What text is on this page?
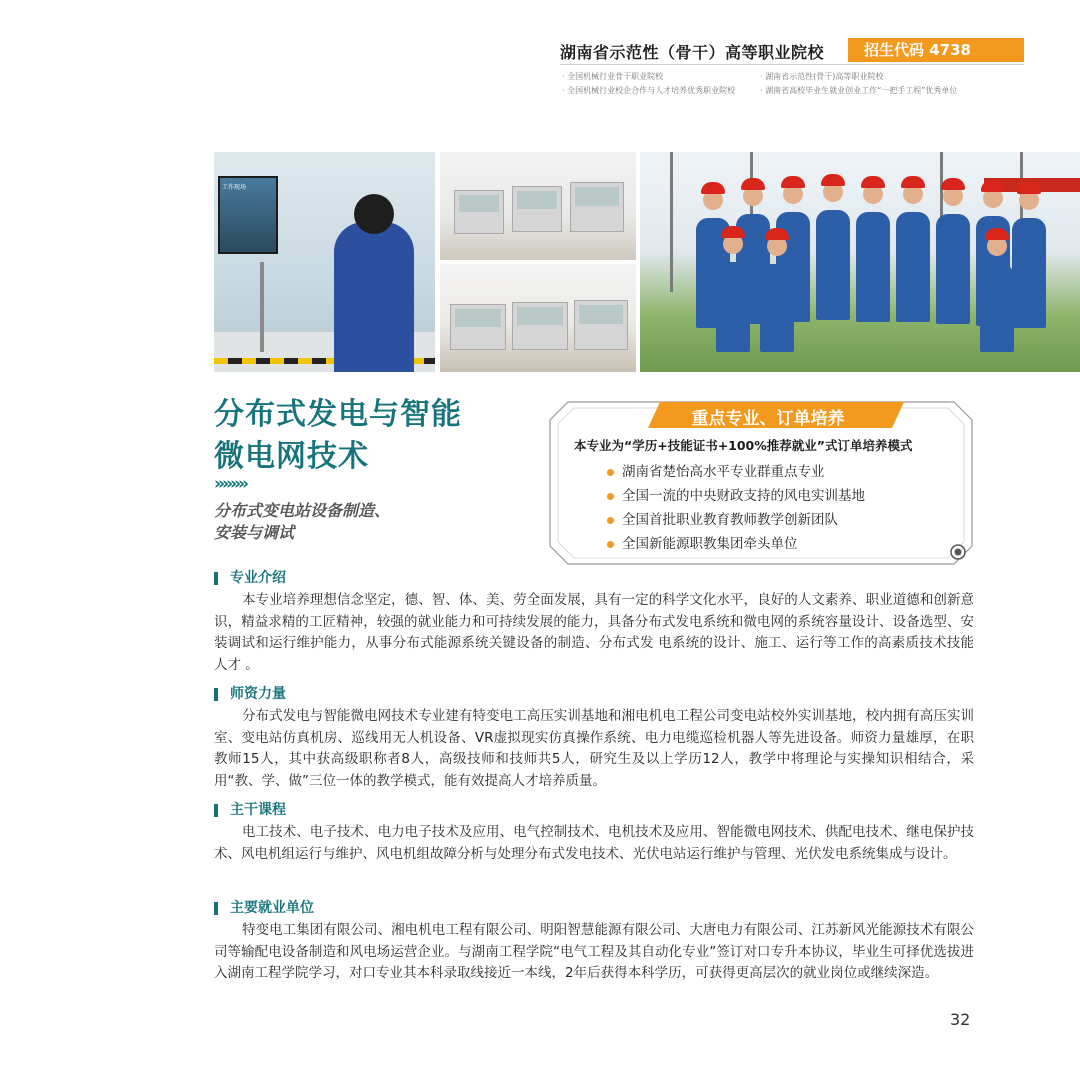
湖南省示范性（骨干）高等职业院校	招生代码 4738
· 全国机械行业骨干职业院校	· 湖南省示范性(骨干)高等职业院校
· 全国机械行业校企合作与人才培养优秀职业院校	· 湖南省高校毕业生就业创业工作“一把手工程”优秀单位
工作现场
分布式发电与智能
微电网技术
»»»»
分布式变电站设备制造、
安装与调试
重点专业、订单培养
本专业为“学历+技能证书+100%推荐就业”式订单培养模式
湖南省楚怡高水平专业群重点专业
全国一流的中央财政支持的风电实训基地
全国首批职业教育教师教学创新团队
全国新能源职教集团牵头单位
专业介绍

本专业培养理想信念坚定，德、智、体、美、劳全面发展，具有一定的科学文化水平，良好的人文素养、职业道德和创新意识，精益求精的工匠精神，较强的就业能力和可持续发展的能力，具备分布式发电系统和微电网的系统容量设计、设备选型、安装调试和运行维护能力，从事分布式能源系统关键设备的制造、分布式发 电系统的设计、施工、运行等工作的高素质技术技能人才 。

师资力量

分布式发电与智能微电网技术专业建有特变电工高压实训基地和湘电机电工程公司变电站校外实训基地，校内拥有高压实训室、变电站仿真机房、巡线用无人机设备、VR虚拟现实仿真操作系统、电力电缆巡检机器人等先进设备。师资力量雄厚，在职教师15人，其中获高级职称者8人，高级技师和技师共5人，研究生及以上学历12人，教学中将理论与实操知识相结合，采用“教、学、做”三位一体的教学模式，能有效提高人才培养质量。

主干课程

电工技术、电子技术、电力电子技术及应用、电气控制技术、电机技术及应用、智能微电网技术、供配电技术、继电保护技术、风电机组运行与维护、风电机组故障分析与处理分布式发电技术、光伏电站运行维护与管理、光伏发电系统集成与设计。

主要就业单位

特变电工集团有限公司、湘电机电工程有限公司、明阳智慧能源有限公司、大唐电力有限公司、江苏新风光能源技术有限公司等输配电设备制造和风电场运营企业。与湖南工程学院“电气工程及其自动化专业”签订对口专升本协议，毕业生可择优选拔进入湖南工程学院学习，对口专业其本科录取线接近一本线，2年后获得本科学历，可获得更高层次的就业岗位或继续深造。

32
